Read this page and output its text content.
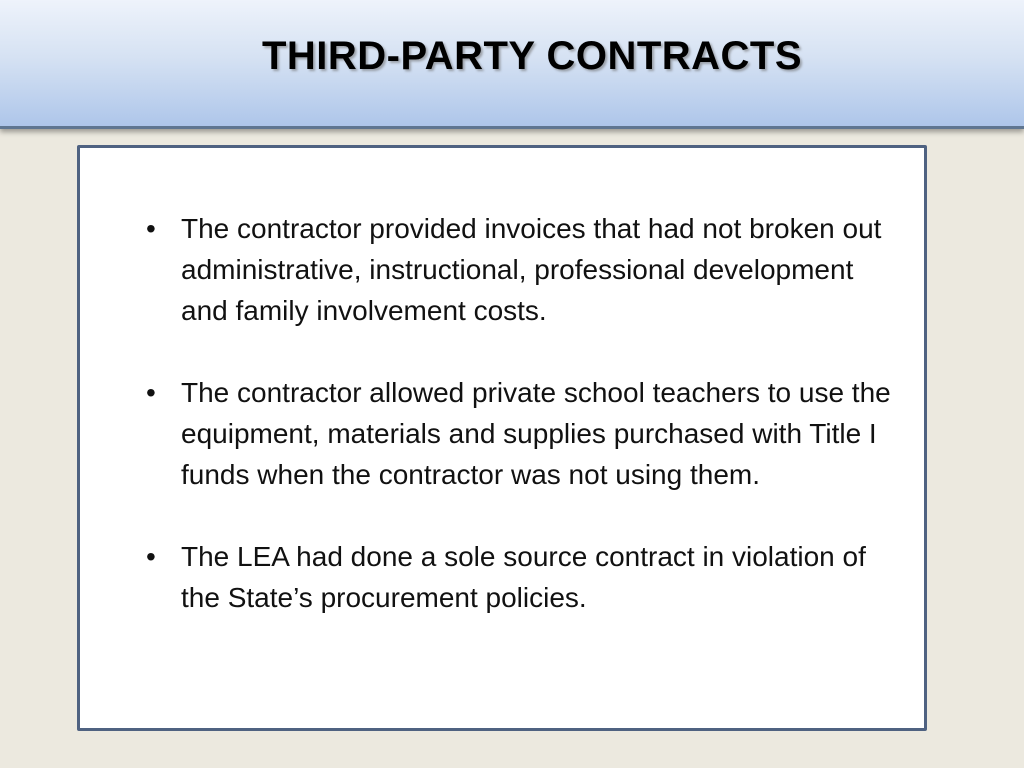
THIRD-PARTY CONTRACTS
• The contractor provided invoices that had not broken out administrative, instructional, professional development and family involvement costs.
• The contractor allowed private school teachers to use the equipment, materials and supplies purchased with Title I funds when the contractor was not using them.
• The LEA had done a sole source contract in violation of the State’s procurement policies.
